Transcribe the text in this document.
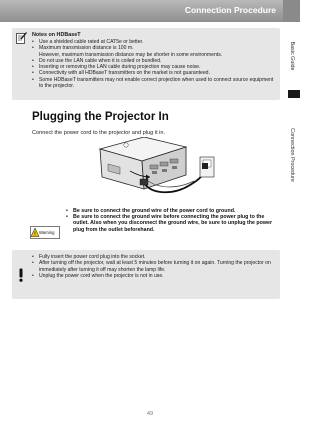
Connection Procedure
Basic Guide
Connection Procedure
Notes on HDBaseT
• Use a shielded cable rated at CAT5e or better.
• Maximum transmission distance is 100 m.
However, maximum transmission distance may be shorter in some environments.
• Do not use the LAN cable when it is coiled or bundled.
• Inserting or removing the LAN cable during projection may cause noise.
• Connectivity with all HDBaseT transmitters on the market is not guaranteed.
• Some HDBaseT transmitters may not enable correct projection when used to connect source equipment to the projector.
Plugging the Projector In
Connect the power cord to the projector and plug it in.
! Warning
• Be sure to connect the ground wire of the power cord to ground.
• Be sure to connect the ground wire before connecting the power plug to the outlet. Also when you disconnect the ground wire, be sure to unplug the power plug from the outlet beforehand.
• Fully insert the power cord plug into the socket.
• After turning off the projector, wait at least 5 minutes before turning it on again. Turning the projector on immediately after turning it off may shorten the lamp life.
• Unplug the power cord when the projector is not in use.
49
